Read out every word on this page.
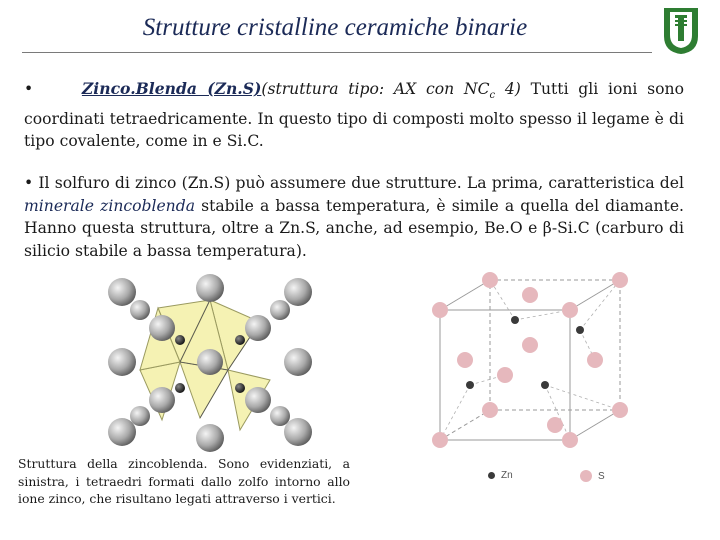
Strutture cristalline ceramiche binarie
•	Zinco.Blenda (Zn.S)(struttura tipo: AX con $NC_c$ 4) Tutti gli ioni sono coordinati tetraedricamente. In questo tipo di composti molto spesso il legame è di tipo covalente, come in e Si.C.
• Il solfuro di zinco (Zn.S) può assumere due strutture. La prima, caratteristica del minerale zincoblenda stabile a bassa temperatura, è simile a quella del diamante. Hanno questa struttura, oltre a Zn.S, anche, ad esempio, Be.O e β-Si.C (carburo di silicio stabile a bassa temperatura).
Zn	S
Struttura della zincoblenda. Sono evidenziati, a sinistra, i tetraedri formati dallo zolfo intorno allo ione zinco, che risultano legati attraverso i vertici.
